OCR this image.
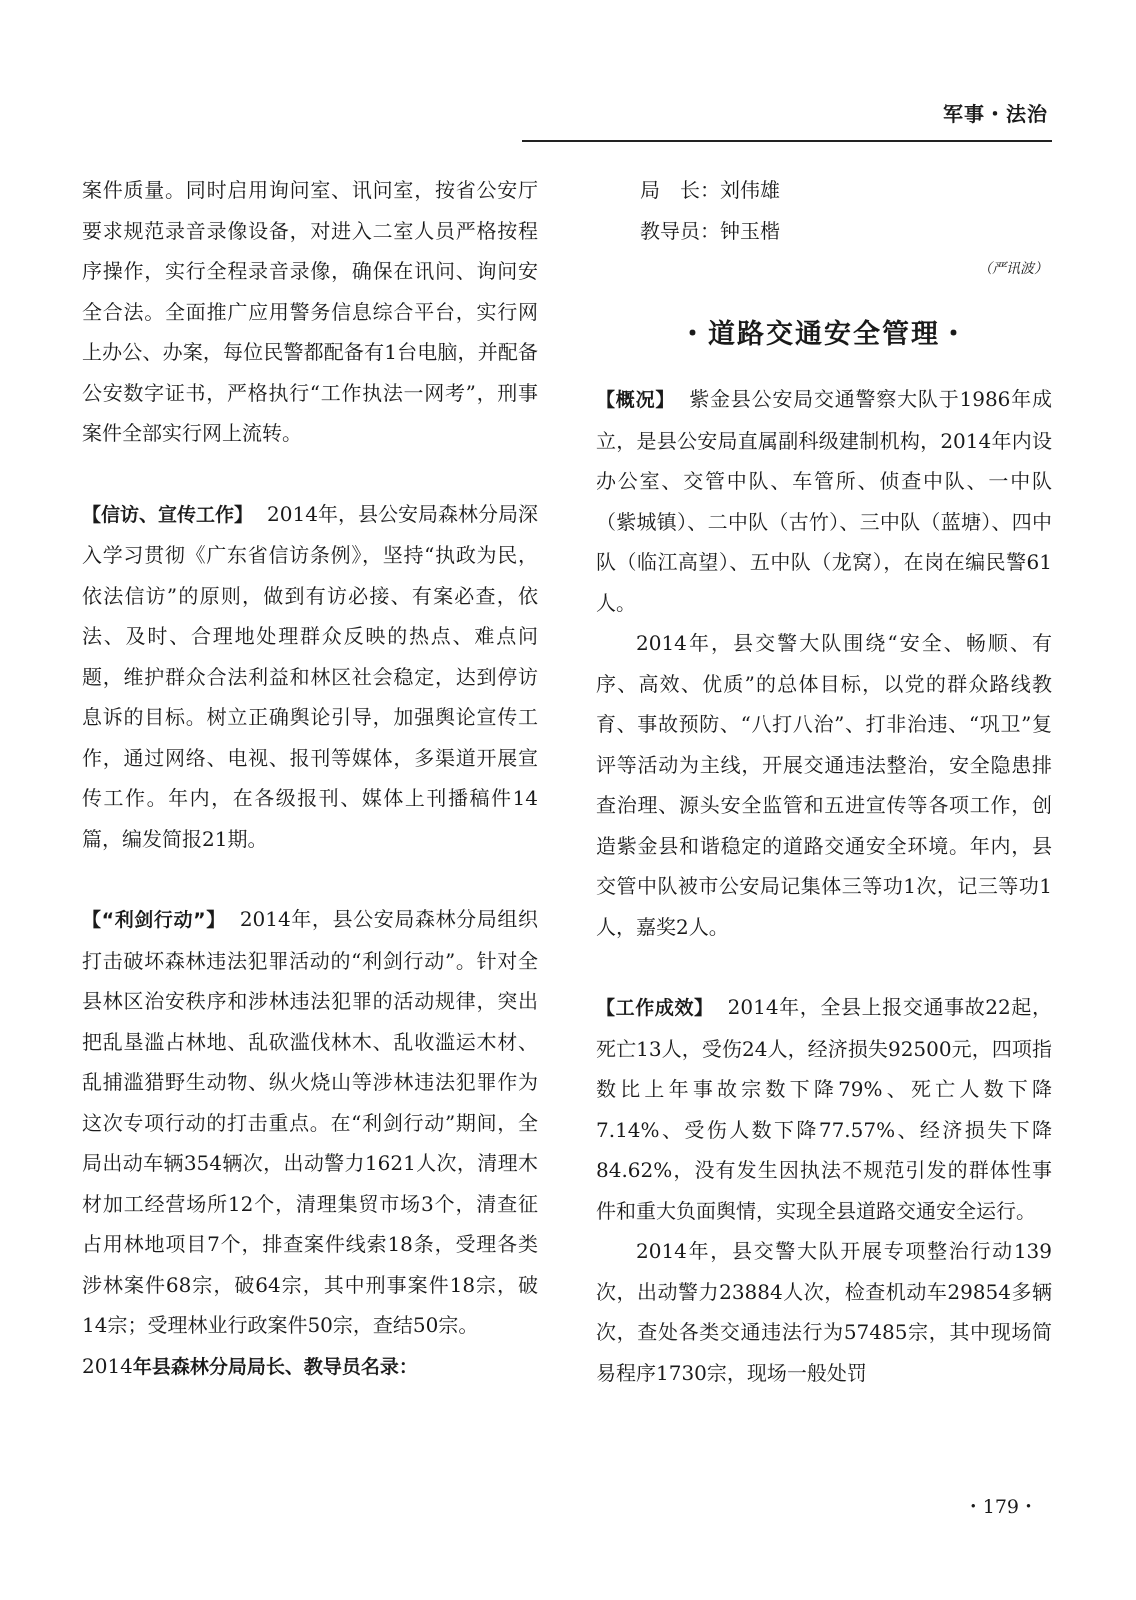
军事・法治

案件质量。同时启用询问室、讯问室，按省公安厅要求规范录音录像设备，对进入二室人员严格按程序操作，实行全程录音录像，确保在讯问、询问安全合法。全面推广应用警务信息综合平台，实行网上办公、办案，每位民警都配备有1台电脑，并配备公安数字证书，严格执行“工作执法一网考”，刑事案件全部实行网上流转。

【信访、宣传工作】 2014年，县公安局森林分局深入学习贯彻《广东省信访条例》，坚持“执政为民，依法信访”的原则，做到有访必接、有案必查，依法、及时、合理地处理群众反映的热点、难点问题，维护群众合法利益和林区社会稳定，达到停访息诉的目标。树立正确舆论引导，加强舆论宣传工作，通过网络、电视、报刊等媒体，多渠道开展宣传工作。年内，在各级报刊、媒体上刊播稿件14篇，编发简报21期。

【“利剑行动”】 2014年，县公安局森林分局组织打击破坏森林违法犯罪活动的“利剑行动”。针对全县林区治安秩序和涉林违法犯罪的活动规律，突出把乱垦滥占林地、乱砍滥伐林木、乱收滥运木材、乱捕滥猎野生动物、纵火烧山等涉林违法犯罪作为这次专项行动的打击重点。在“利剑行动”期间，全局出动车辆354辆次，出动警力1621人次，清理木材加工经营场所12个，清理集贸市场3个，清查征占用林地项目7个，排查案件线索18条，受理各类涉林案件68宗，破64宗，其中刑事案件18宗，破14宗；受理林业行政案件50宗，查结50宗。

2014年县森林分局局长、教导员名录：

局　长：刘伟雄

教导员：钟玉楷

（严讯波）

・道路交通安全管理・

【概况】 紫金县公安局交通警察大队于1986年成立，是县公安局直属副科级建制机构，2014年内设办公室、交管中队、车管所、侦查中队、一中队（紫城镇）、二中队（古竹）、三中队（蓝塘）、四中队（临江高望）、五中队（龙窝），在岗在编民警61人。

2014年，县交警大队围绕“安全、畅顺、有序、高效、优质”的总体目标，以党的群众路线教育、事故预防、“八打八治”、打非治违、“巩卫”复评等活动为主线，开展交通违法整治，安全隐患排查治理、源头安全监管和五进宣传等各项工作，创造紫金县和谐稳定的道路交通安全环境。年内，县交管中队被市公安局记集体三等功1次，记三等功1人，嘉奖2人。

【工作成效】 2014年，全县上报交通事故22起，死亡13人，受伤24人，经济损失92500元，四项指数比上年事故宗数下降79%、死亡人数下降7.14%、受伤人数下降77.57%、经济损失下降84.62%，没有发生因执法不规范引发的群体性事件和重大负面舆情，实现全县道路交通安全运行。

2014年，县交警大队开展专项整治行动139次，出动警力23884人次，检查机动车29854多辆次，查处各类交通违法行为57485宗，其中现场简易程序1730宗，现场一般处罚

・179・
